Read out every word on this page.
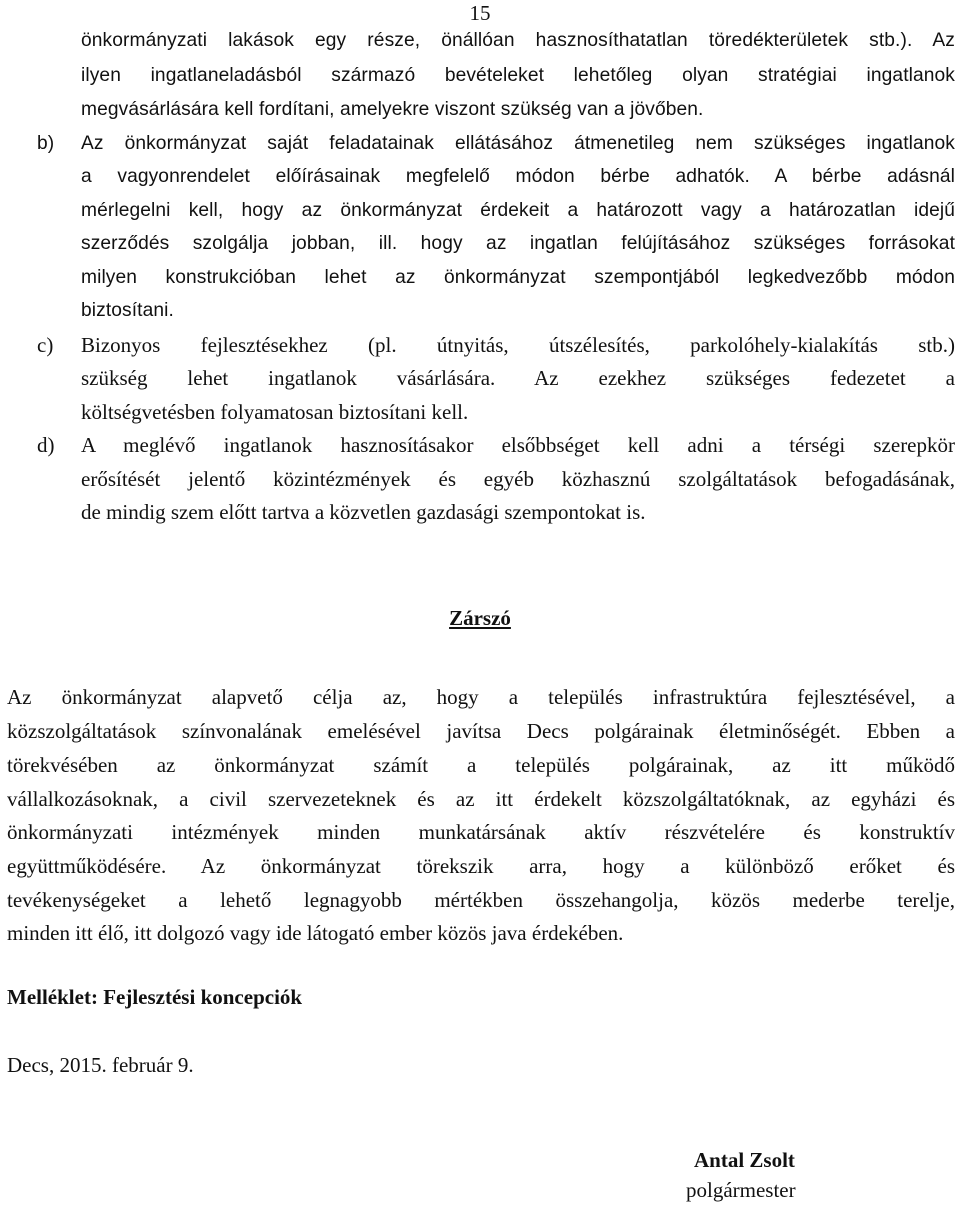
15
önkormányzati lakások egy része, önállóan hasznosíthatatlan töredékterületek stb.). Az
ilyen ingatlaneladásból származó bevételeket lehetőleg olyan stratégiai ingatlanok
megvásárlására kell fordítani, amelyekre viszont szükség van a jövőben.
b) Az önkormányzat saját feladatainak ellátásához átmenetileg nem szükséges ingatlanok
a vagyonrendelet előírásainak megfelelő módon bérbe adhatók. A bérbe adásnál
mérlegelni kell, hogy az önkormányzat érdekeit a határozott vagy a határozatlan idejű
szerződés szolgálja jobban, ill. hogy az ingatlan felújításához szükséges forrásokat
milyen konstrukcióban lehet az önkormányzat szempontjából legkedvezőbb módon
biztosítani.
c) Bizonyos fejlesztésekhez (pl. útnyitás, útszélesítés, parkolóhely-kialakítás stb.)
szükség lehet ingatlanok vásárlására. Az ezekhez szükséges fedezetet a
költségvetésben folyamatosan biztosítani kell.
d) A meglévő ingatlanok hasznosításakor elsőbbséget kell adni a térségi szerepkör
erősítését jelentő közintézmények és egyéb közhasznú szolgáltatások befogadásának,
de mindig szem előtt tartva a közvetlen gazdasági szempontokat is.
Az önkormányzat alapvető célja az, hogy a település infrastruktúra fejlesztésével, a
közszolgáltatások színvonalának emelésével javítsa Decs polgárainak életminőségét. Ebben a
törekvésében az önkormányzat számít a település polgárainak, az itt működő
vállalkozásoknak, a civil szervezeteknek és az itt érdekelt közszolgáltatóknak, az egyházi és
önkormányzati intézmények minden munkatársának aktív részvételére és konstruktív
együttműködésére. Az önkormányzat törekszik arra, hogy a különböző erőket és
tevékenységeket a lehető legnagyobb mértékben összehangolja, közös mederbe terelje,
minden itt élő, itt dolgozó vagy ide látogató ember közös java érdekében.
Zárszó
Melléklet: Fejlesztési koncepciók
Decs, 2015. február 9.
Antal Zsolt
polgármester
